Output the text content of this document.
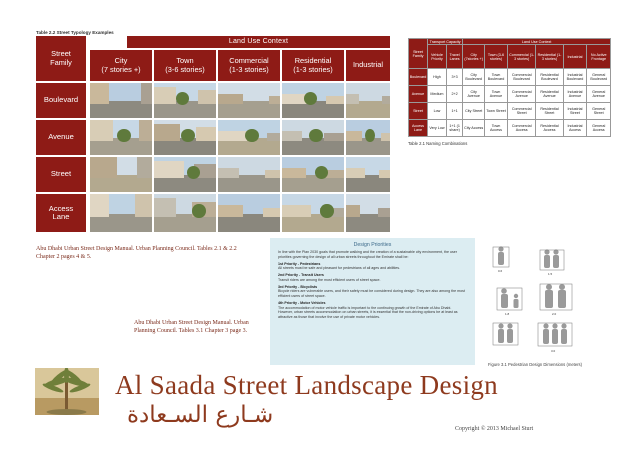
Table 2.2 Street Typology Examples
Land Use Context
Street
Family	City
(7 stories +)
Town
(3-6 stories)
Commercial
(1-3 stories)
Residential
(1-3 stories)	Industrial
Boulevard
Avenue
Street
Access
Lane
Street Family	Transport Capacity		Land Use Context					
	Vehicle Priority	Travel Lanes	City (7stories +)	Town (3-6 stories)	Commercial (1-3 stories)	Residential (1-3 stories)	Industrial	No Active Frontage
Boulevard	High	3+3	City Boulevard	Town Boulevard	Commercial Boulevard	Residential Boulevard	Industrial Boulevard	General Boulevard
Avenue	Medium	2+2	City Avenue	Town Avenue	Commercial Avenue	Residential Avenue	Industrial Avenue	General Avenue
Street	Low	1+1	City Street	Town Street	Commercial Street	Residential Street	Industrial Street	General Street
Access Lane	Very Low	1+1 (1 share)	City Access	Town Access	Commercial Access	Residential Access	Industrial Access	General Access
Table 2.1 Naming Combinations
Abu Dhabi Urban Street Design Manual. Urban Planning Council. Tables 2.1 & 2.2
Chapter 2 pages 4 & 5.
Abu Dhabi Urban Street Design Manual. Urban
Planning Council. Tables 3.1 Chapter 3 page 3.
Design Priorities

In line with the Plan 2030 goals that promote walking and the creation of a sustainable city environment, the user priorities governing the design of all urban streets throughout the Emirate shall be:

1st Priority - Pedestrians

All streets must be safe and pleasant for pedestrians of all ages and abilities.

2nd Priority - Transit Users

Transit riders are among the most efficient users of street space.

3rd Priority - Bicyclists

Bicycle riders are vulnerable users, and their safety must be considered during design. They are also among the most efficient users of street space.

4th Priority - Motor Vehicles

The accommodation of motor vehicle traffic is important to the continuing growth of the Emirate of Abu Dhabi. However, urban streets accommodation on urban streets, it is essential that the non-driving options be at least as attractive as those that involve the use of private motor vehicles.

0.6
1.5
1.8	2.0
3.0
Figure 3.1 Pedestrian Design Dimensions (meters)
Al Saada Street Landscape Design
شـارع السـعادة
Copyright © 2013 Michael Sturt
